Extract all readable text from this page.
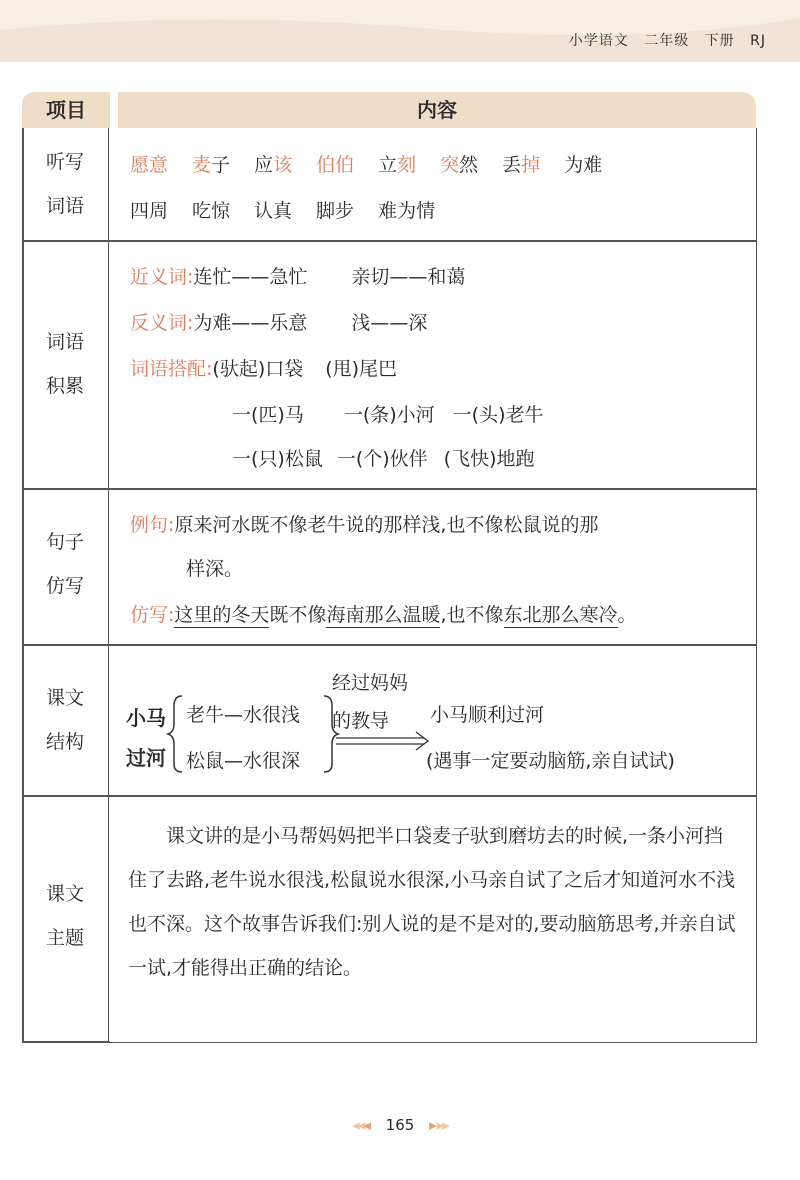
小学语文 二年级 下册 RJ
项目	内容
听写
词语
愿意 麦子 应该 伯伯 立刻 突然 丢掉 为难
四周 吃惊 认真 脚步 难为情
词语
积累
近义词:连忙——急忙 亲切——和蔼
反义词:为难——乐意 浅——深
词语搭配:(驮起)口袋 (甩)尾巴
一(匹)马 一(条)小河 一(头)老牛
一(只)松鼠 一(个)伙伴 (飞快)地跑
句子
仿写
例句:原来河水既不像老牛说的那样浅,也不像松鼠说的那
样深。
仿写:这里的冬天既不像海南那么温暖,也不像东北那么寒冷。
课文
结构
小马
过河
老牛—水很浅
松鼠—水很深
经过妈妈
的教导 小马顺利过河
(遇事一定要动脑筋,亲自试试)
课文
主题

课文讲的是小马帮妈妈把半口袋麦子驮到磨坊去的时候,一条小河挡住了去路,老牛说水很浅,松鼠说水很深,小马亲自试了之后才知道河水不浅也不深。这个故事告诉我们:别人说的是不是对的,要动脑筋思考,并亲自试一试,才能得出正确的结论。

◂◂◂ 165 ▸▸▸
